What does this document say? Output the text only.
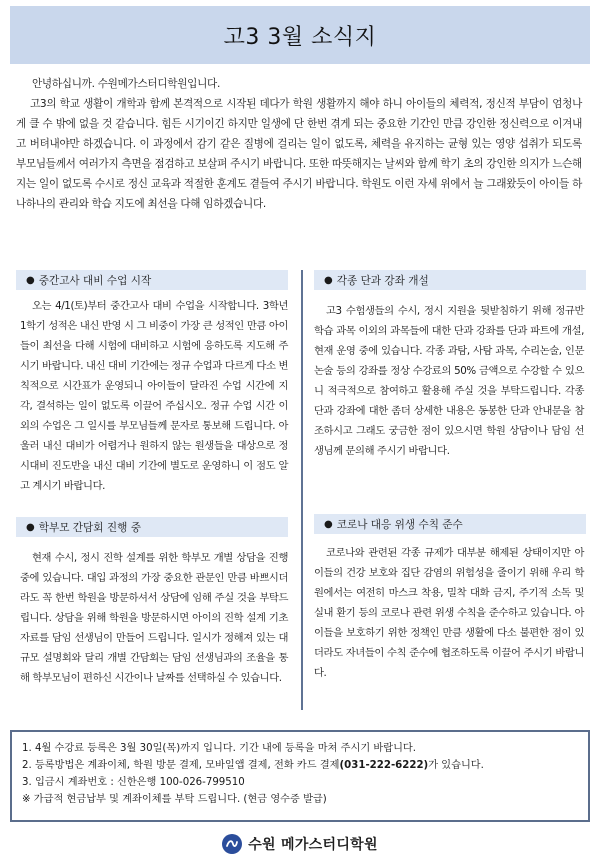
고3 3월 소식지

안녕하십니까. 수원메가스터디학원입니다.

고3의 학교 생활이 개학과 함께 본격적으로 시작된 데다가 학원 생활까지 해야 하니 아이들의 체력적, 정신적 부담이 엄청나게 클 수 밖에 없을 것 같습니다. 힘든 시기이긴 하지만 일생에 단 한번 겪게 되는 중요한 기간인 만큼 강인한 정신력으로 이겨내고 버텨내야만 하겠습니다. 이 과정에서 감기 같은 질병에 걸리는 일이 없도록, 체력을 유지하는 균형 있는 영양 섭취가 되도록 부모님들께서 여러가지 측면을 점검하고 보살펴 주시기 바랍니다. 또한 따뜻해지는 날씨와 함께 학기 초의 강인한 의지가 느슨해지는 일이 없도록 수시로 정신 교육과 적절한 훈계도 곁들여 주시기 바랍니다. 학원도 이런 자세 위에서 늘 그래왔듯이 아이들 하나하나의 관리와 학습 지도에 최선을 다해 임하겠습니다.

● 중간고사 대비 수업 시작

오는 4/1(토)부터 중간고사 대비 수업을 시작합니다. 3학년 1학기 성적은 내신 반영 시 그 비중이 가장 큰 성적인 만큼 아이들이 최선을 다해 시험에 대비하고 시험에 응하도록 지도해 주시기 바랍니다. 내신 대비 기간에는 정규 수업과 다르게 다소 변칙적으로 시간표가 운영되니 아이들이 달라진 수업 시간에 지각, 결석하는 일이 없도록 이끌어 주십시오. 정규 수업 시간 이외의 수업은 그 일시를 부모님들께 문자로 통보해 드립니다. 아울러 내신 대비가 어렵거나 원하지 않는 원생들을 대상으로 정시대비 진도반을 내신 대비 기간에 별도로 운영하니 이 점도 알고 계시기 바랍니다.

● 각종 단과 강좌 개설

고3 수험생들의 수시, 정시 지원을 뒷받침하기 위해 정규반 학습 과목 이외의 과목들에 대한 단과 강좌를 단과 파트에 개설, 현재 운영 중에 있습니다. 각종 과탐, 사탐 과목, 수리논술, 인문논술 등의 강좌를 정상 수강료의 50% 금액으로 수강할 수 있으니 적극적으로 참여하고 활용해 주실 것을 부탁드립니다. 각종 단과 강좌에 대한 좀더 상세한 내용은 동봉한 단과 안내문을 참조하시고 그래도 궁금한 점이 있으시면 학원 상담이나 담임 선생님께 문의해 주시기 바랍니다.

● 학부모 간담회 진행 중

현재 수시, 정시 진학 설계를 위한 학부모 개별 상담을 진행 중에 있습니다. 대입 과정의 가장 중요한 관문인 만큼 바쁘시더라도 꼭 한번 학원을 방문하셔서 상담에 임해 주실 것을 부탁드립니다. 상담을 위해 학원을 방문하시면 아이의 진학 설계 기초 자료를 담임 선생님이 만들어 드립니다. 일시가 정해져 있는 대규모 설명회와 달리 개별 간담회는 담임 선생님과의 조율을 통해 학부모님이 편하신 시간이나 날짜를 선택하실 수 있습니다.

● 코로나 대응 위생 수칙 준수

코로나와 관련된 각종 규제가 대부분 해제된 상태이지만 아이들의 건강 보호와 집단 감염의 위험성을 줄이기 위해 우리 학원에서는 여전히 마스크 착용, 밀착 대화 금지, 주기적 소독 및 실내 환기 등의 코로나 관련 위생 수칙을 준수하고 있습니다. 아이들을 보호하기 위한 정책인 만큼 생활에 다소 불편한 점이 있더라도 자녀들이 수칙 준수에 협조하도록 이끌어 주시기 바랍니다.

1. 4월 수강료 등록은 3월 30일(목)까지 입니다. 기간 내에 등록을 마쳐 주시기 바랍니다.

2. 등록방법은 계좌이체, 학원 방문 결제, 모바일앱 결제, 전화 카드 결제(031-222-6222)가 있습니다.

3. 입금시 계좌번호 : 신한은행 100-026-799510

※ 가급적 현금납부 및 계좌이체를 부탁 드립니다. (현금 영수증 발급)

수원 메가스터디학원
